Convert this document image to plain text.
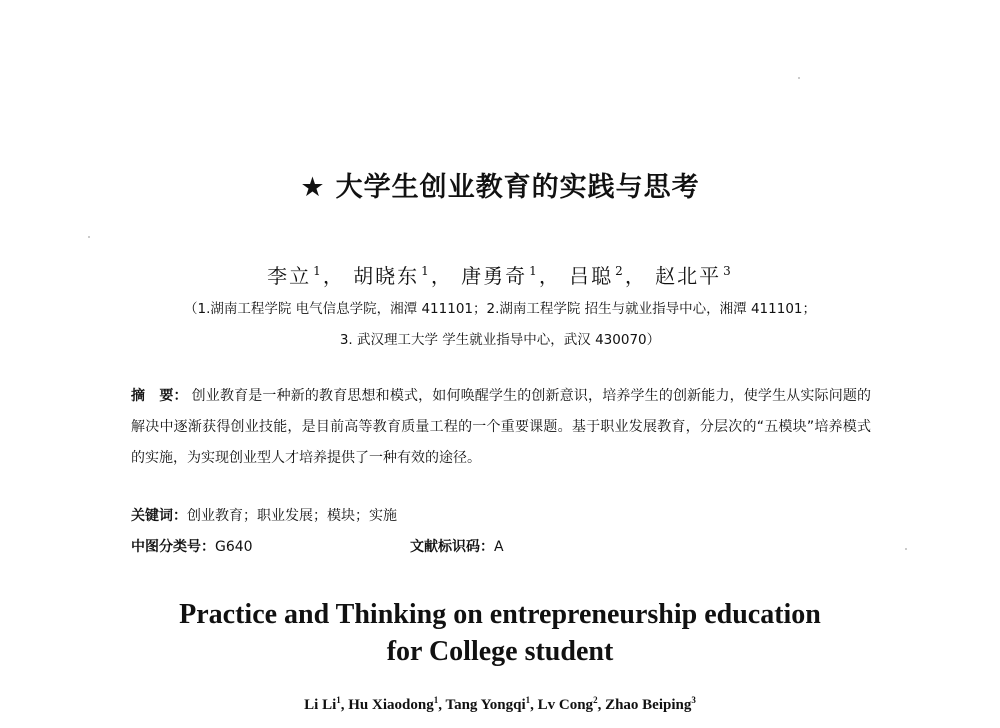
★ 大学生创业教育的实践与思考
李立 $^1$， 胡晓东 $^1$， 唐勇奇 $^1$， 吕聪 $^2$， 赵北平 $^3$
（1.湖南工程学院 电气信息学院，湘潭 411101；2.湖南工程学院 招生与就业指导中心，湘潭 411101；
3. 武汉理工大学 学生就业指导中心，武汉 430070）
摘　要： 创业教育是一种新的教育思想和模式，如何唤醒学生的创新意识，培养学生的创新能力，使学生从实际问题的解决中逐渐获得创业技能，是目前高等教育质量工程的一个重要课题。基于职业发展教育，分层次的“五模块”培养模式的实施，为实现创业型人才培养提供了一种有效的途径。
关键词：创业教育；职业发展；模块；实施
中图分类号：G640	文献标识码：A
Practice and Thinking on entrepreneurship education
for College student
Li Li$^1$, Hu Xiaodong$^1$, Tang Yongqi$^1$, Lv Cong$^2$, Zhao Beiping$^3$
